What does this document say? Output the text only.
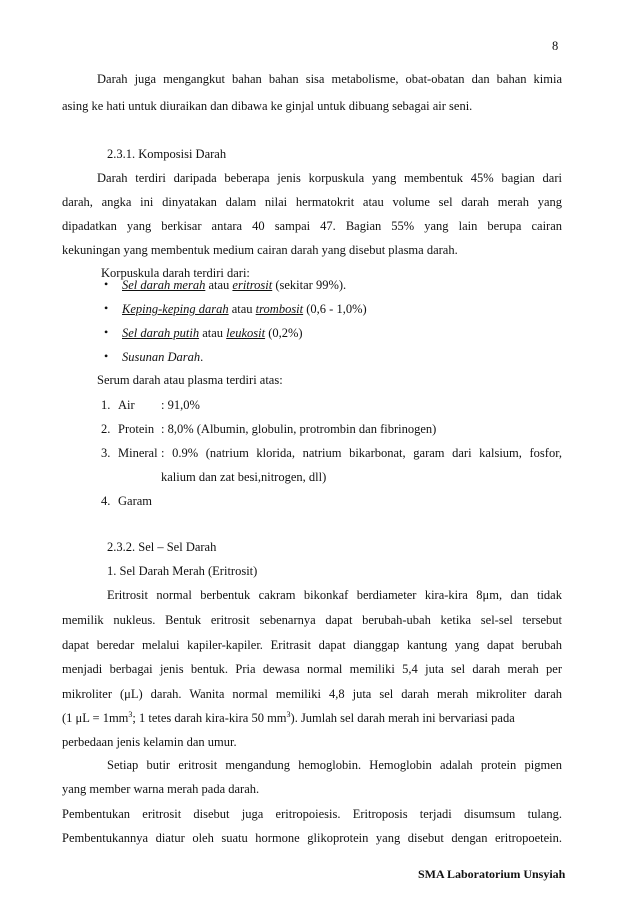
8
Darah juga mengangkut bahan bahan sisa metabolisme, obat-obatan dan bahan kimia
asing ke hati untuk diuraikan dan dibawa ke ginjal untuk dibuang sebagai air seni.
2.3.1. Komposisi Darah
Darah terdiri daripada beberapa jenis korpuskula yang membentuk 45% bagian dari
darah, angka ini dinyatakan dalam nilai hermatokrit atau volume sel darah merah yang
dipadatkan yang berkisar antara 40 sampai 47. Bagian 55% yang lain berupa cairan
kekuningan yang membentuk medium cairan darah yang disebut plasma darah.
Korpuskula darah terdiri dari:
• Sel darah merah atau eritrosit (sekitar 99%).
• Keping-keping darah atau trombosit (0,6 - 1,0%)
• Sel darah putih atau leukosit (0,2%)
• Susunan Darah.
Serum darah atau plasma terdiri atas:
1. Air : 91,0%
2. Protein : 8,0% (Albumin, globulin, protrombin dan fibrinogen)
3. Mineral : 0.9% (natrium klorida, natrium bikarbonat, garam dari kalsium, fosfor,
kalium dan zat besi,nitrogen, dll)
4. Garam
2.3.2. Sel – Sel Darah
1. Sel Darah Merah (Eritrosit)
Eritrosit normal berbentuk cakram bikonkaf berdiameter kira-kira 8μm, dan tidak
memilik nukleus. Bentuk eritrosit sebenarnya dapat berubah-ubah ketika sel-sel tersebut
dapat beredar melalui kapiler-kapiler. Eritrasit dapat dianggap kantung yang dapat berubah
menjadi berbagai jenis bentuk. Pria dewasa normal memiliki 5,4 juta sel darah merah per
mikroliter (μL) darah. Wanita normal memiliki 4,8 juta sel darah merah mikroliter darah
(1 $\mu L = 1mm^3$; 1 tetes darah kira-kira 50 $mm^3$). Jumlah sel darah merah ini bervariasi pada
perbedaan jenis kelamin dan umur.
Setiap butir eritrosit mengandung hemoglobin. Hemoglobin adalah protein pigmen
yang member warna merah pada darah.
Pembentukan eritrosit disebut juga eritropoiesis. Eritroposis terjadi disumsum tulang.
Pembentukannya diatur oleh suatu hormone glikoprotein yang disebut dengan eritropoetein.
SMA Laboratorium Unsyiah
